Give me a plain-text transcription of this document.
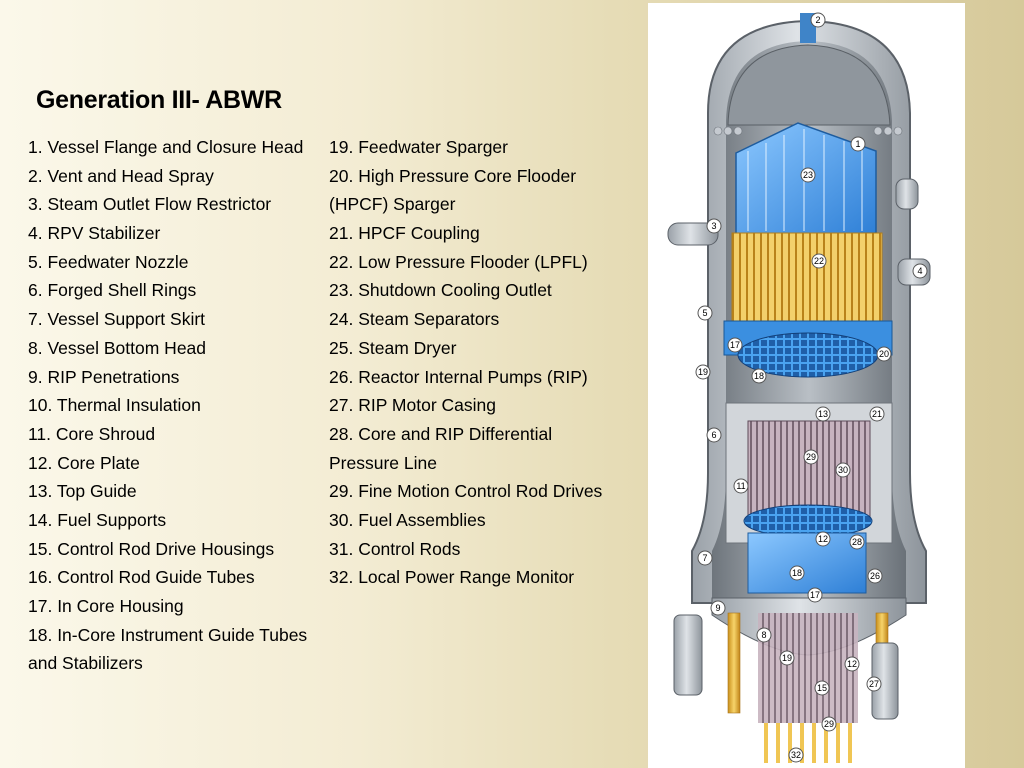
Generation III- ABWR
1. Vessel Flange and Closure Head
2. Vent and Head Spray
3. Steam Outlet Flow Restrictor
4. RPV Stabilizer
5. Feedwater Nozzle
6. Forged Shell Rings
7. Vessel Support Skirt
8. Vessel Bottom Head
9. RIP Penetrations
10. Thermal Insulation
11. Core Shroud
12. Core Plate
13. Top Guide
14. Fuel Supports
15. Control Rod Drive Housings
16. Control Rod Guide Tubes
17. In Core Housing
18. In-Core Instrument Guide Tubes
and Stabilizers
19. Feedwater Sparger
20. High Pressure Core Flooder
(HPCF) Sparger
21. HPCF Coupling
22. Low Pressure Flooder (LPFL)
23. Shutdown Cooling Outlet
24. Steam Separators
25. Steam Dryer
26. Reactor Internal Pumps (RIP)
27. RIP Motor Casing
28. Core and RIP Differential
Pressure Line
29. Fine Motion Control Rod Drives
30. Fuel Assemblies
31. Control Rods
32. Local Power Range Monitor
2
1
23
3
4
22
5
17
20
19	18
13	21
6
29
30
11
12	28
7
18	26
17
9
8
19
12
15	27
29
32
